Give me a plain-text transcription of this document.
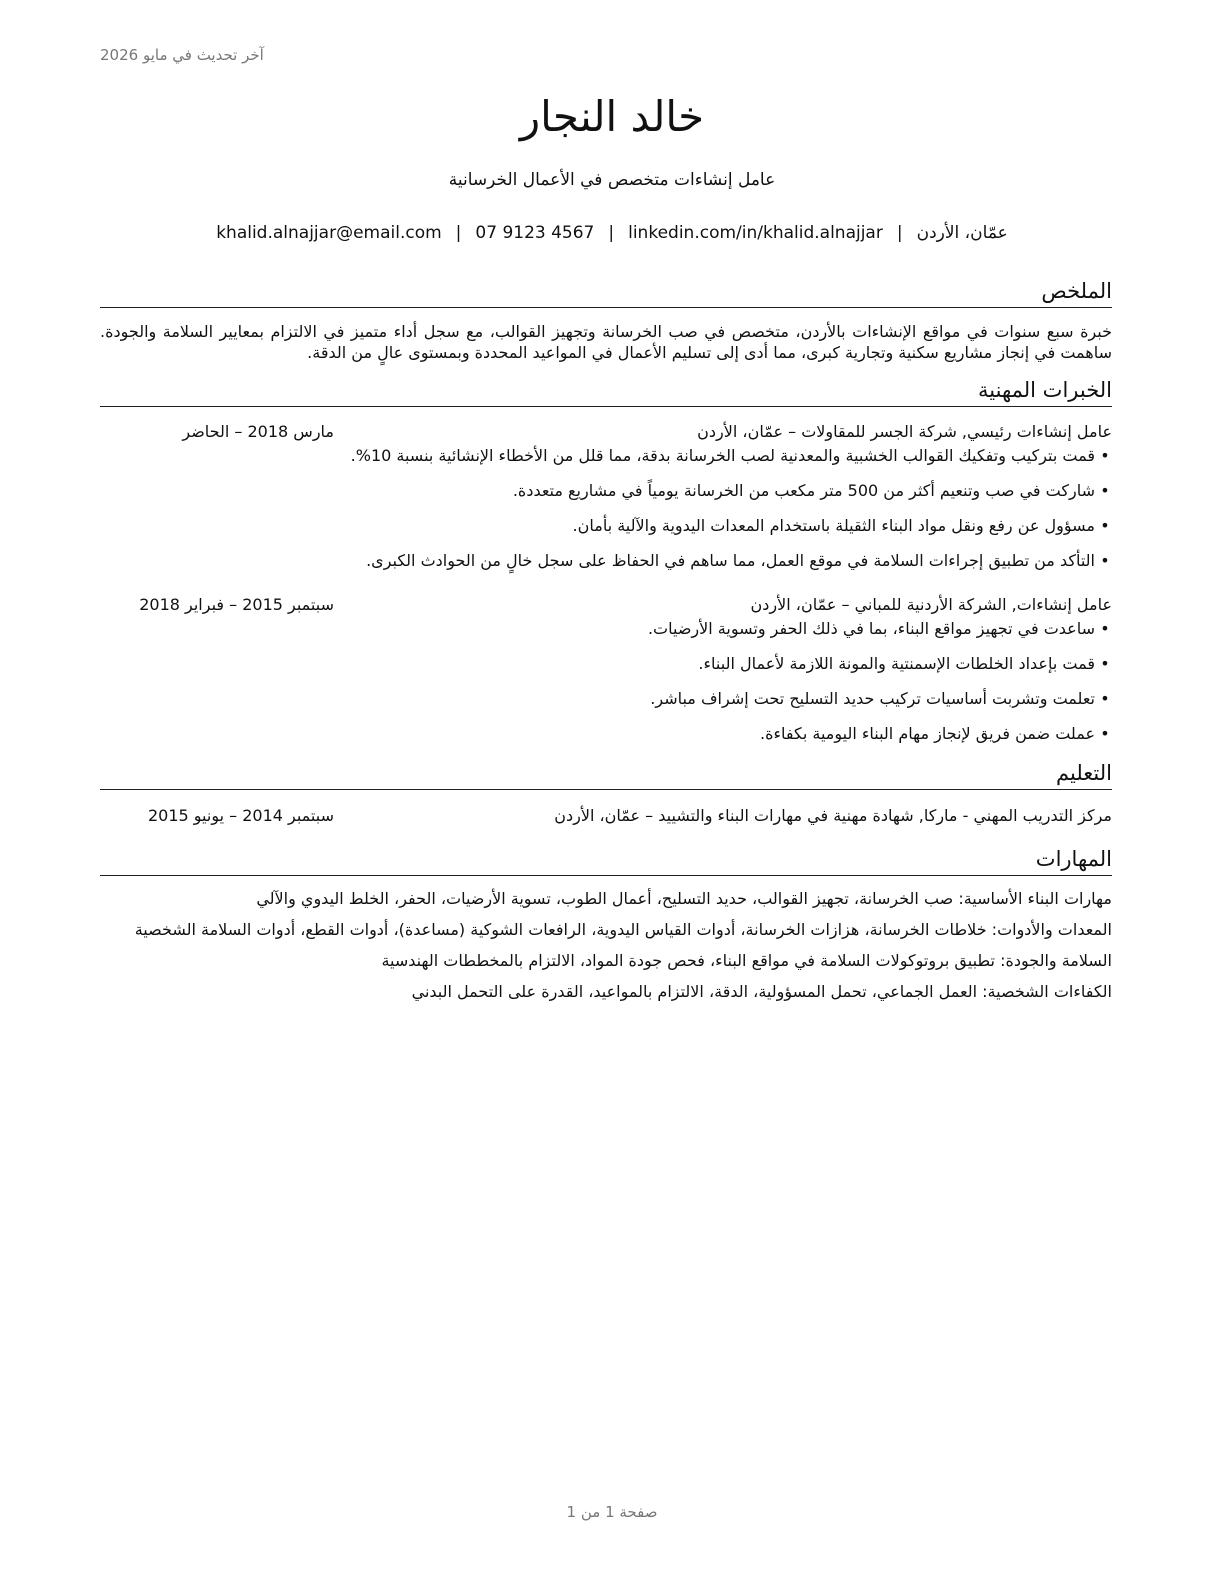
آخر تحديث في مايو 2026
خالد النجار
عامل إنشاءات متخصص في الأعمال الخرسانية
عمّان، الأردن|khalid.alnajjar@email.com | 07 9123 4567 | linkedin.com/in/khalid.alnajjar
الملخص

خبرة سبع سنوات في مواقع الإنشاءات بالأردن، متخصص في صب الخرسانة وتجهيز القوالب، مع سجل أداء متميز في الالتزام بمعايير السلامة والجودة. ساهمت في إنجاز مشاريع سكنية وتجارية كبرى، مما أدى إلى تسليم الأعمال في المواعيد المحددة وبمستوى عالٍ من الدقة.

الخبرات المهنية
عامل إنشاءات رئيسي, شركة الجسر للمقاولات – عمّان، الأردن
مارس 2018 – الحاضر
•قمت بتركيب وتفكيك القوالب الخشبية والمعدنية لصب الخرسانة بدقة، مما قلل من الأخطاء الإنشائية بنسبة 10%.
•شاركت في صب وتنعيم أكثر من 500 متر مكعب من الخرسانة يومياً في مشاريع متعددة.
•مسؤول عن رفع ونقل مواد البناء الثقيلة باستخدام المعدات اليدوية والآلية بأمان.
•التأكد من تطبيق إجراءات السلامة في موقع العمل، مما ساهم في الحفاظ على سجل خالٍ من الحوادث الكبرى.
عامل إنشاءات, الشركة الأردنية للمباني – عمّان، الأردن
سبتمبر 2015 – فبراير 2018
•ساعدت في تجهيز مواقع البناء، بما في ذلك الحفر وتسوية الأرضيات.
•قمت بإعداد الخلطات الإسمنتية والمونة اللازمة لأعمال البناء.
•تعلمت وتشربت أساسيات تركيب حديد التسليح تحت إشراف مباشر.
•عملت ضمن فريق لإنجاز مهام البناء اليومية بكفاءة.
التعليم
مركز التدريب المهني - ماركا, شهادة مهنية في مهارات البناء والتشييد – عمّان، الأردن
سبتمبر 2014 – يونيو 2015
المهارات
مهارات البناء الأساسية: صب الخرسانة، تجهيز القوالب، حديد التسليح، أعمال الطوب، تسوية الأرضيات، الحفر، الخلط اليدوي والآلي
المعدات والأدوات: خلاطات الخرسانة، هزازات الخرسانة، أدوات القياس اليدوية، الرافعات الشوكية (مساعدة)، أدوات القطع، أدوات السلامة الشخصية
السلامة والجودة: تطبيق بروتوكولات السلامة في مواقع البناء، فحص جودة المواد، الالتزام بالمخططات الهندسية
الكفاءات الشخصية: العمل الجماعي، تحمل المسؤولية، الدقة، الالتزام بالمواعيد، القدرة على التحمل البدني
صفحة 1 من 1
